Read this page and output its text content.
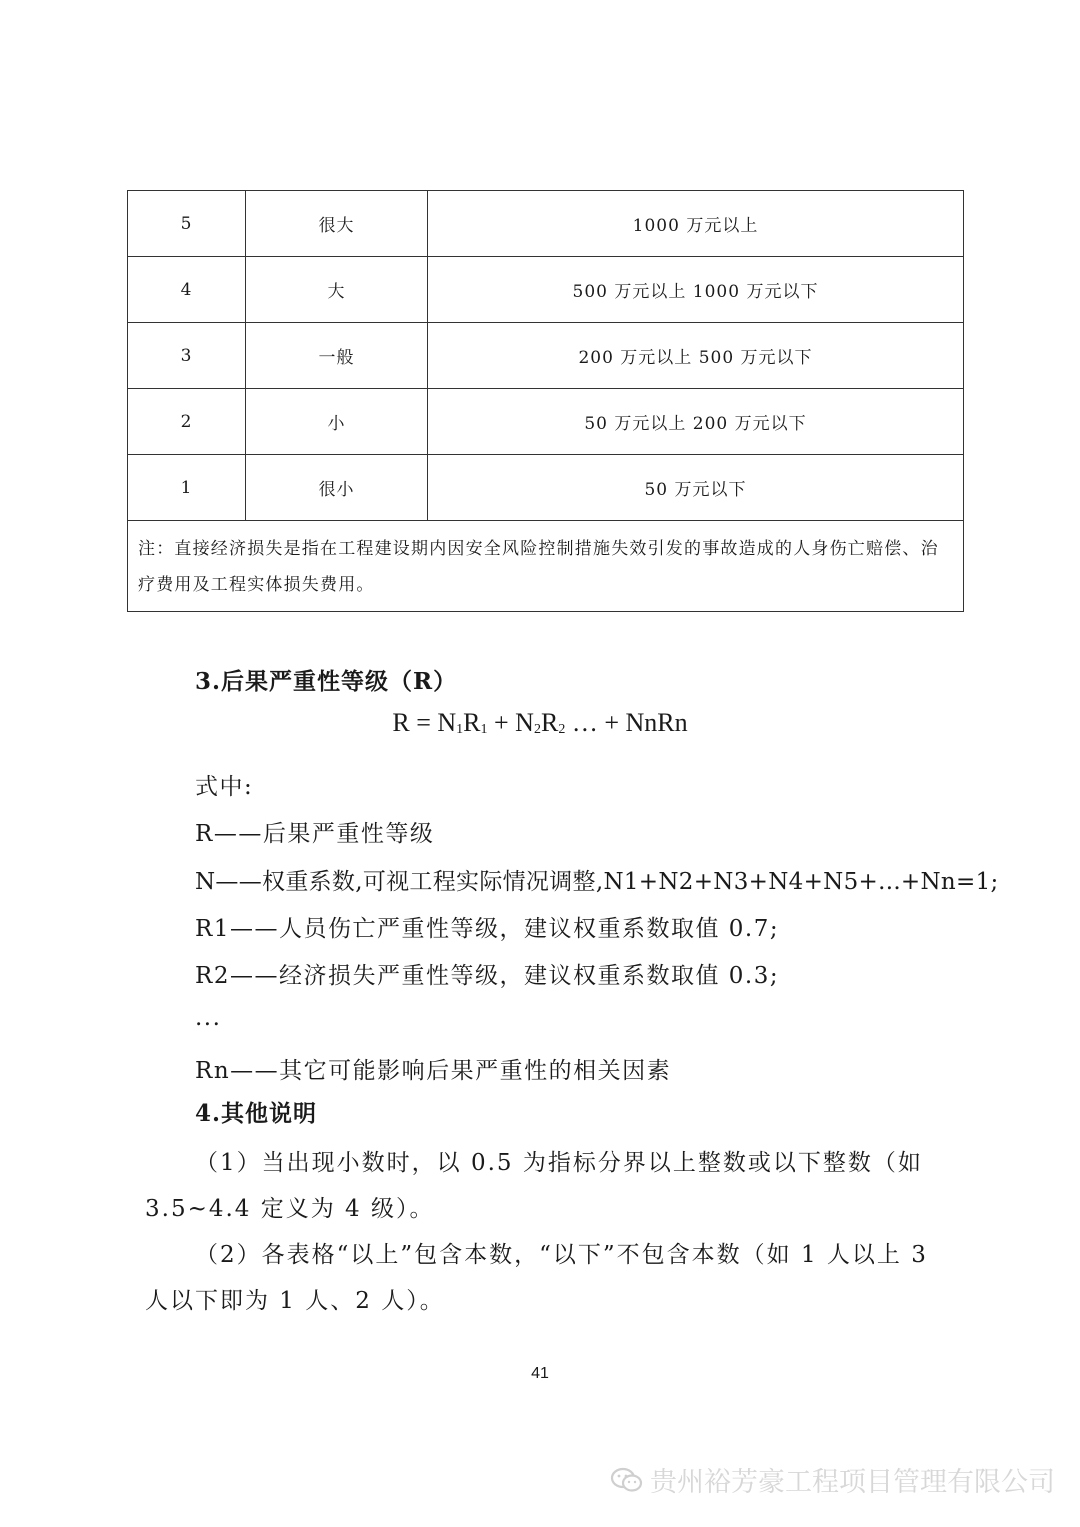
5	很大	1000 万元以上
4	大	500 万元以上 1000 万元以下
3	一般	200 万元以上 500 万元以下
2	小	50 万元以上 200 万元以下
1	很小	50 万元以下
注：直接经济损失是指在工程建设期内因安全风险控制措施失效引发的事故造成的人身伤亡赔偿、治疗费用及工程实体损失费用。		
3.后果严重性等级（R）
$R = N_1R_1 + N_2R_2$ … + NnRn
式中:
R——后果严重性等级
N——权重系数,可视工程实际情况调整,N1+N2+N3+N4+N5+...+Nn=1;
R1——人员伤亡严重性等级，建议权重系数取值 0.7;
R2——经济损失严重性等级，建议权重系数取值 0.3;
...
Rn——其它可能影响后果严重性的相关因素
4.其他说明
（1）当出现小数时，以 0.5 为指标分界以上整数或以下整数（如 3.5~4.4 定义为 4 级）。
（2）各表格“以上”包含本数，“以下”不包含本数（如 1 人以上 3 人以下即为 1 人、2 人）。
41
贵州裕芳豪工程项目管理有限公司
